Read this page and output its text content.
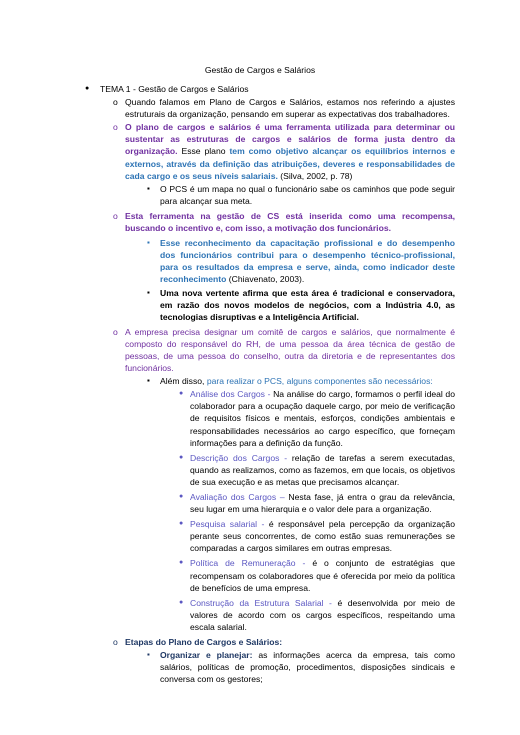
Gestão de Cargos e Salários
● TEMA 1 - Gestão de Cargos e Salários
o Quando falamos em Plano de Cargos e Salários, estamos nos referindo a ajustes estruturais da organização, pensando em superar as expectativas dos trabalhadores.
o O plano de cargos e salários é uma ferramenta utilizada para determinar ou sustentar as estruturas de cargos e salários de forma justa dentro da organização. Esse plano tem como objetivo alcançar os equilíbrios internos e externos, através da definição das atribuições, deveres e responsabilidades de cada cargo e os seus níveis salariais. (Silva, 2002, p. 78)
▪ O PCS é um mapa no qual o funcionário sabe os caminhos que pode seguir para alcançar sua meta.
o Esta ferramenta na gestão de CS está inserida como uma recompensa, buscando o incentivo e, com isso, a motivação dos funcionários.
▪ Esse reconhecimento da capacitação profissional e do desempenho dos funcionários contribui para o desempenho técnico-profissional, para os resultados da empresa e serve, ainda, como indicador deste reconhecimento (Chiavenato, 2003).
▪ Uma nova vertente afirma que esta área é tradicional e conservadora, em razão dos novos modelos de negócios, com a Indústria 4.0, as tecnologias disruptivas e a Inteligência Artificial.
o A empresa precisa designar um comitê de cargos e salários, que normalmente é composto do responsável do RH, de uma pessoa da área técnica de gestão de pessoas, de uma pessoa do conselho, outra da diretoria e de representantes dos funcionários.
▪ Além disso, para realizar o PCS, alguns componentes são necessários:
● Análise dos Cargos - Na análise do cargo, formamos o perfil ideal do colaborador para a ocupação daquele cargo, por meio de verificação de requisitos físicos e mentais, esforços, condições ambientais e responsabilidades necessários ao cargo específico, que forneçam informações para a definição da função.
● Descrição dos Cargos - relação de tarefas a serem executadas, quando as realizamos, como as fazemos, em que locais, os objetivos de sua execução e as metas que precisamos alcançar.
● Avaliação dos Cargos – Nesta fase, já entra o grau da relevância, seu lugar em uma hierarquia e o valor dele para a organização.
● Pesquisa salarial - é responsável pela percepção da organização perante seus concorrentes, de como estão suas remunerações se comparadas a cargos similares em outras empresas.
● Política de Remuneração - é o conjunto de estratégias que recompensam os colaboradores que é oferecida por meio da política de benefícios de uma empresa.
● Construção da Estrutura Salarial - é desenvolvida por meio de valores de acordo com os cargos específicos, respeitando uma escala salarial.
o Etapas do Plano de Cargos e Salários:
▪ Organizar e planejar: as informações acerca da empresa, tais como salários, políticas de promoção, procedimentos, disposições sindicais e conversa com os gestores;
